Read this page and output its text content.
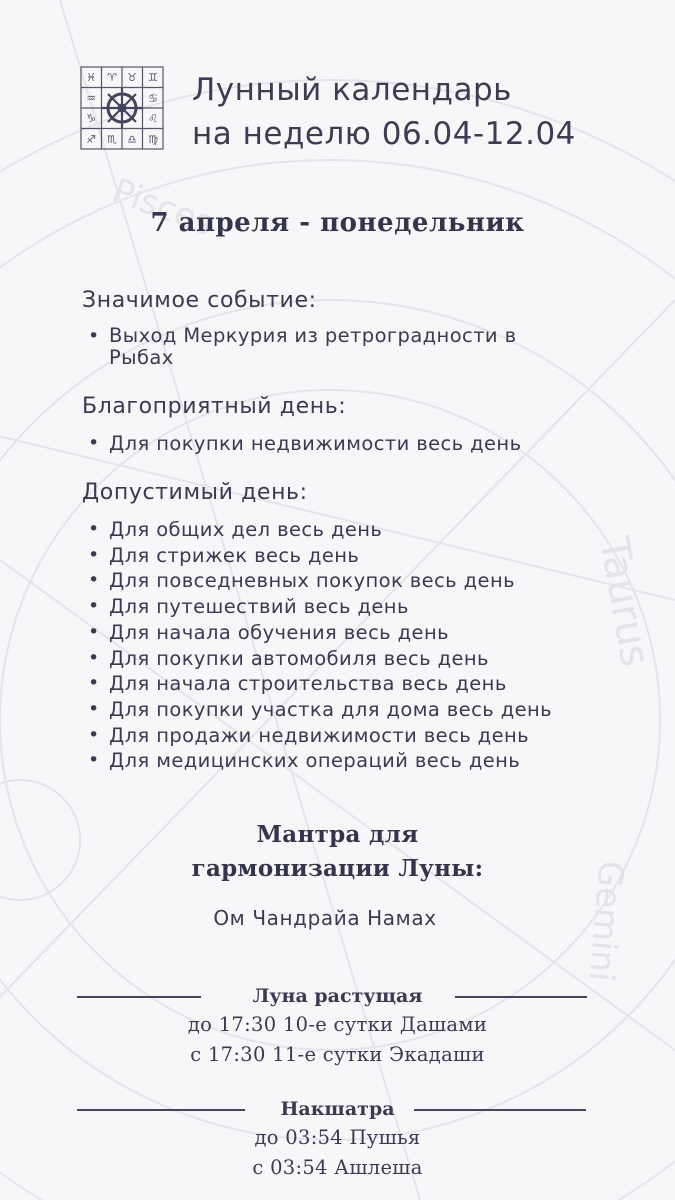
Pisces
Taurus
Gemini
♓ ♈ ♉ ♊
♒	♋
♑	♌
♐ ♏ ♎ ♍
Лунный календарь
на неделю 06.04-12.04
7 апреля - понедельник
Значимое событие:
• Выход Меркурия из ретроградности в Рыбах
Благоприятный день:
• Для покупки недвижимости весь день
Допустимый день:
• Для общих дел весь день
• Для стрижек весь день
• Для повседневных покупок весь день
• Для путешествий весь день
• Для начала обучения весь день
• Для покупки автомобиля весь день
• Для начала строительства весь день
• Для покупки участка для дома весь день
• Для продажи недвижимости весь день
• Для медицинских операций весь день
Мантра для
гармонизации Луны:
Ом Чандрайа Намах
Луна растущая
до 17:30 10-е сутки Дашами
с 17:30 11-е сутки Экадаши
Накшатра
до 03:54 Пушья
с 03:54 Ашлеша
